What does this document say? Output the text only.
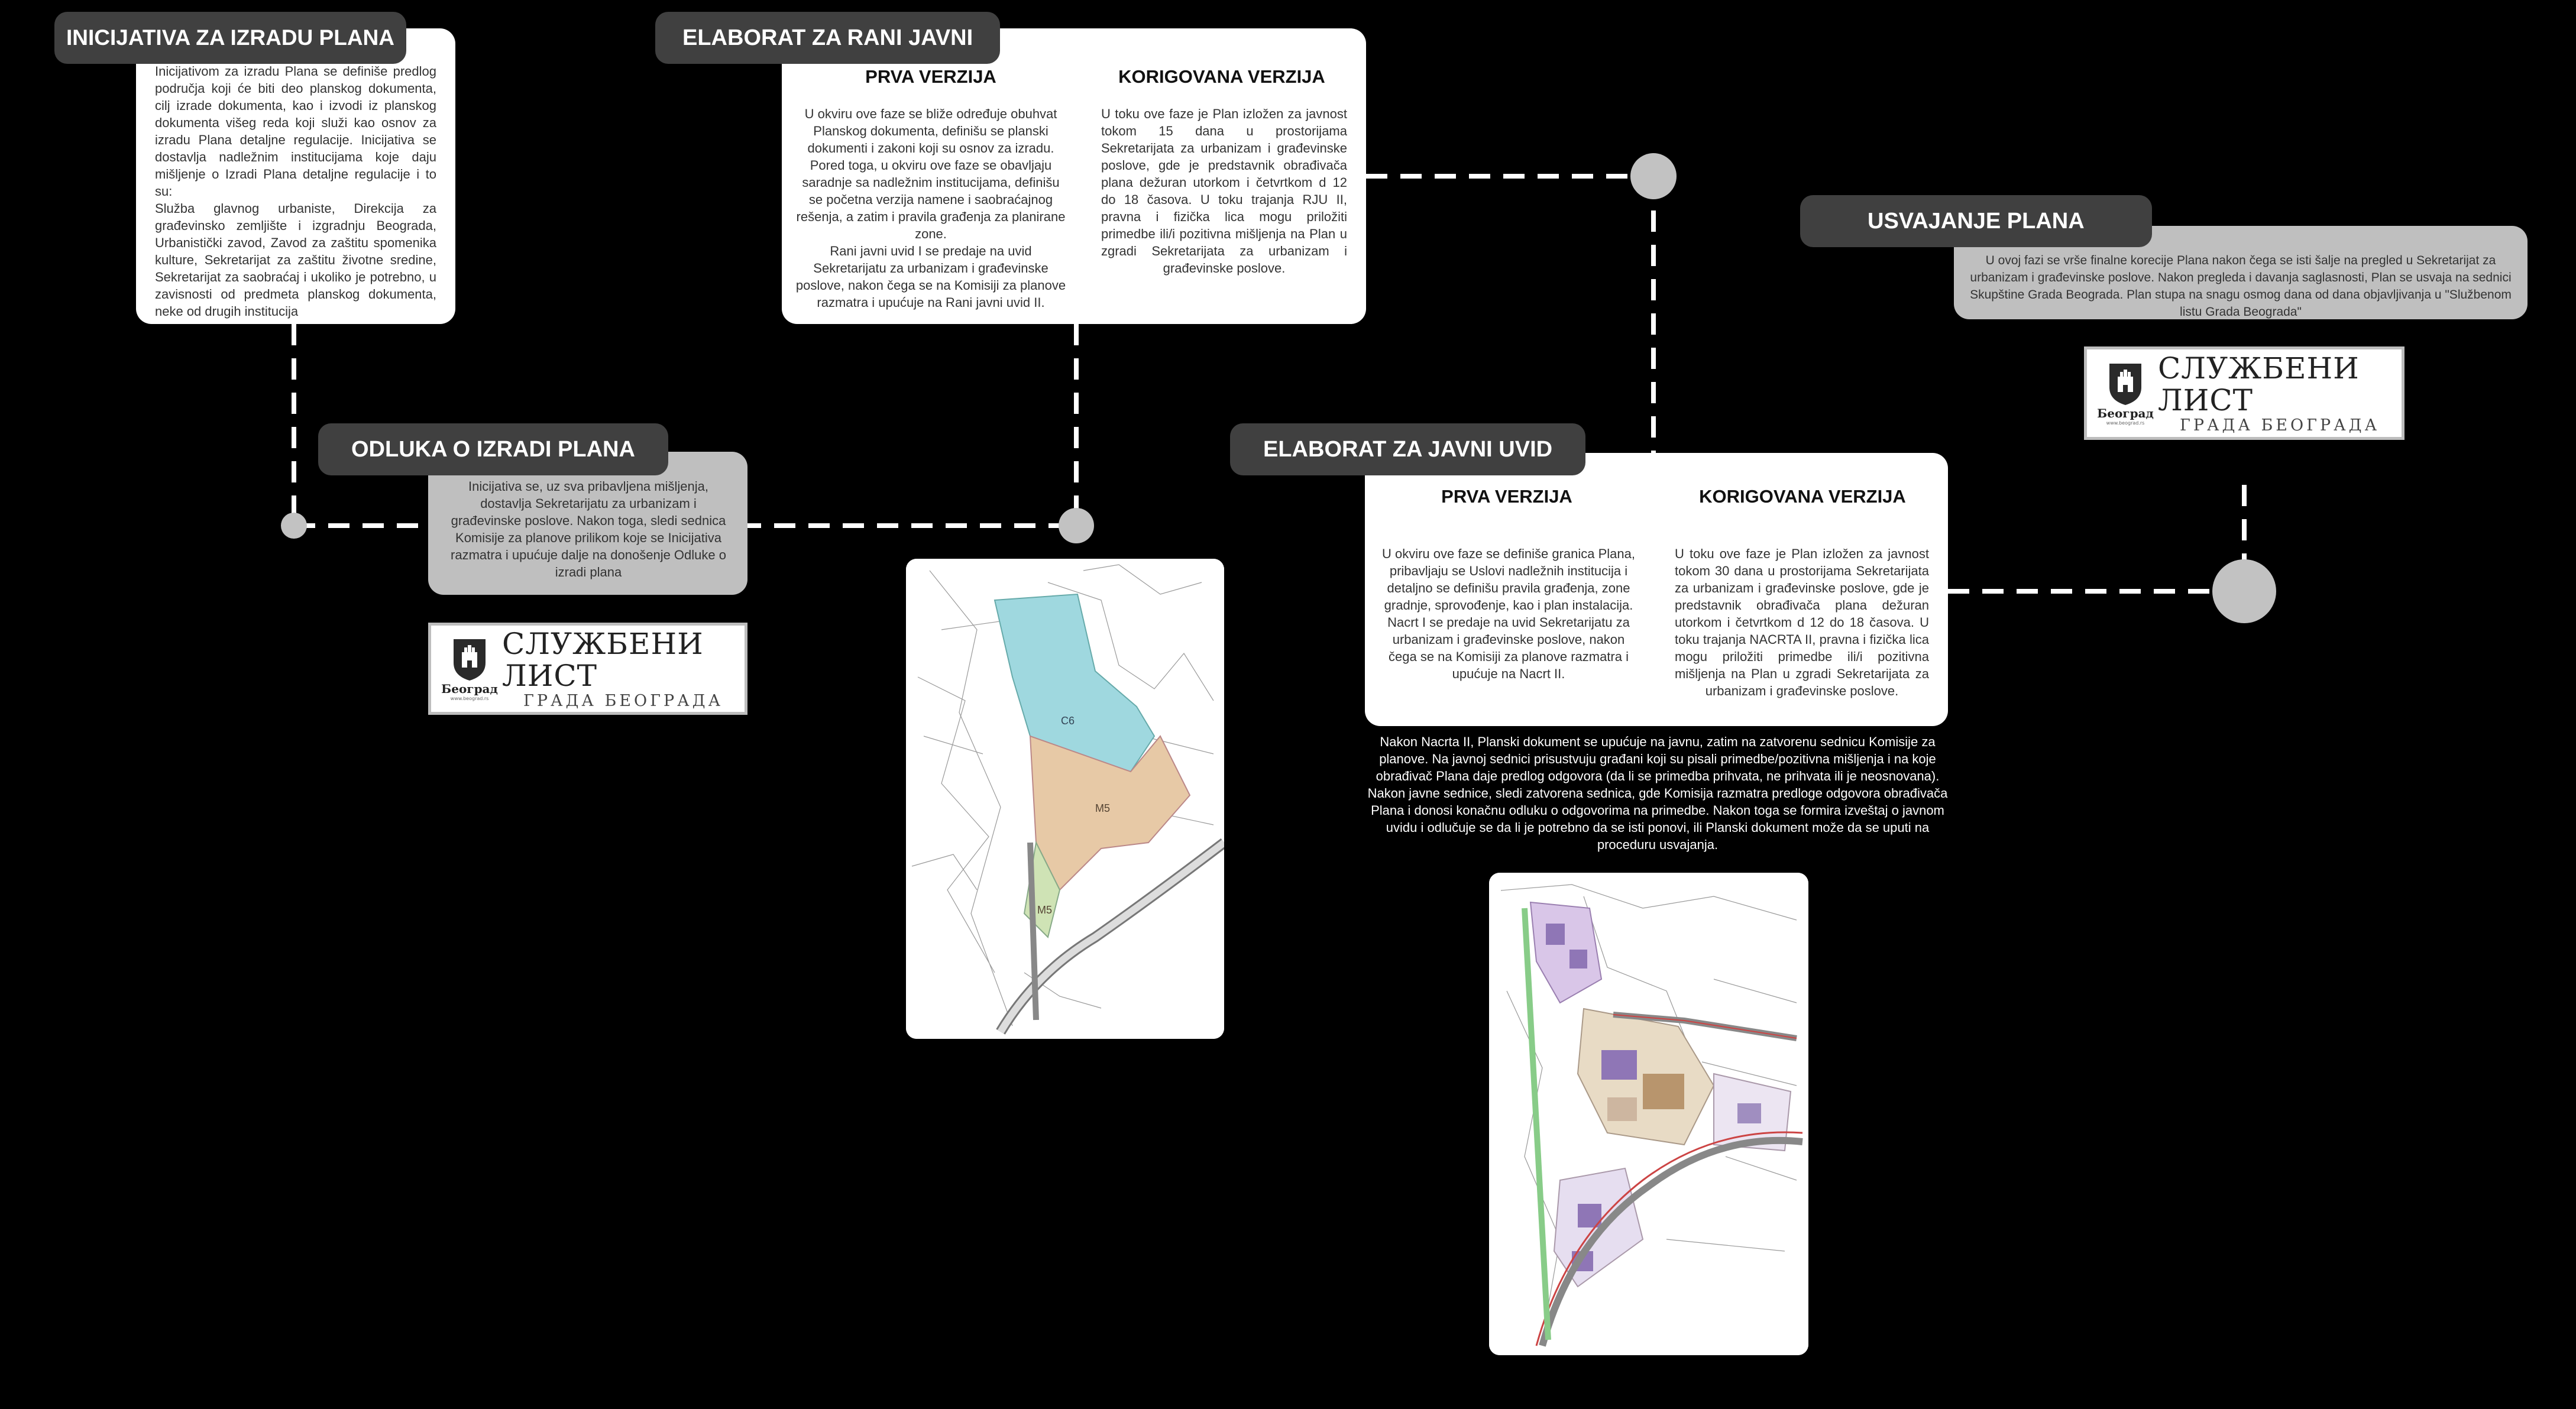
Inicijativom za izradu Plana se definiše predlog područja koji će biti deo planskog dokumenta, cilj izrade dokumenta, kao i izvodi iz planskog dokumenta višeg reda koji služi kao osnov za izradu Plana detaljne regulacije. Inicijativa se dostavlja nadležnim institucijama koje daju mišljenje o Izradi Plana detaljne regulacije i to su:
Služba glavnog urbaniste, Direkcija za građevinsko zemljište i izgradnju Beograda, Urbanistički zavod, Zavod za zaštitu spomenika kulture, Sekretarijat za zaštitu životne sredine, Sekretarijat za saobraćaj i ukoliko je potrebno, u zavisnosti od predmeta planskog dokumenta, neke od drugih institucija
INICIJATIVA ZA IZRADU PLANA
Inicijativa se, uz sva pribavljena mišljenja, dostavlja Sekretarijatu za urbanizam i građevinske poslove. Nakon toga, sledi sednica Komisije za planove prilikom koje se Inicijativa razmatra i upućuje dalje na donošenje Odluke o izradi plana
ODLUKA O IZRADI PLANA
Београд
www.beograd.rs
СЛУЖБЕНИ ЛИСТ
ГРАДА БЕОГРАДА
PRVA VERZIJA
U okviru ove faze se bliže određuje obuhvat Planskog dokumenta, definišu se planski dokumenti i zakoni koji su osnov za izradu. Pored toga, u okviru ove faze se obavljaju saradnje sa nadležnim institucijama, definišu se početna verzija namene i saobraćajnog rešenja, a zatim i pravila građenja za planirane zone.
Rani javni uvid I se predaje na uvid Sekretarijatu za urbanizam i građevinske poslove, nakon čega se na Komisiji za planove razmatra i upućuje na Rani javni uvid II.
KORIGOVANA VERZIJA
U toku ove faze je Plan izložen za javnost tokom 15 dana u prostorijama Sekretarijata za urbanizam i građevinske poslove, gde je predstavnik obrađivača plana dežuran utorkom i četvrtkom d 12 do 18 časova. U toku trajanja RJU II, pravna i fizička lica mogu priložiti primedbe ili/i pozitivna mišljenja na Plan u zgradi Sekretarijata za urbanizam i građevinske poslove.
ELABORAT ZA RANI JAVNI
C6
M5
M5
PRVA VERZIJA
U okviru ove faze se definiše granica Plana, pribavljaju se Uslovi nadležnih institucija i detaljno se definišu pravila građenja, zone gradnje, sprovođenje, kao i plan instalacija.
Nacrt I se predaje na uvid Sekretarijatu za urbanizam i građevinske poslove, nakon čega se na Komisiji za planove razmatra i upućuje na Nacrt II.
KORIGOVANA VERZIJA
U toku ove faze je Plan izložen za javnost tokom 30 dana u prostorijama Sekretarijata za urbanizam i građevinske poslove, gde je predstavnik obrađivača plana dežuran utorkom i četvrtkom d 12 do 18 časova. U toku trajanja NACRTA II, pravna i fizička lica mogu priložiti primedbe ili/i pozitivna mišljenja na Plan u zgradi Sekretarijata za urbanizam i građevinske poslove.
ELABORAT ZA JAVNI UVID
Nakon Nacrta II, Planski dokument se upućuje na javnu, zatim na zatvorenu sednicu Komisije za planove. Na javnoj sednici prisustvuju građani koji su pisali primedbe/pozitivna mišljenja i na koje obrađivač Plana daje predlog odgovora (da li se primedba prihvata, ne prihvata ili je neosnovana). Nakon javne sednice, sledi zatvorena sednica, gde Komisija razmatra predloge odgovora obrađivača Plana i donosi konačnu odluku o odgovorima na primedbe. Nakon toga se formira izveštaj o javnom uvidu i odlučuje se da li je potrebno da se isti ponovi, ili Planski dokument može da se uputi na proceduru usvajanja.
U ovoj fazi se vrše finalne korecije Plana nakon čega se isti šalje na pregled u Sekretarijat za urbanizam i građevinske poslove. Nakon pregleda i davanja saglasnosti, Plan se usvaja na sednici Skupštine Grada Beograda. Plan stupa na snagu osmog dana od dana objavljivanja u "Službenom listu Grada Beograda"
USVAJANJE PLANA
Београд
www.beograd.rs
СЛУЖБЕНИ ЛИСТ
ГРАДА БЕОГРАДА
